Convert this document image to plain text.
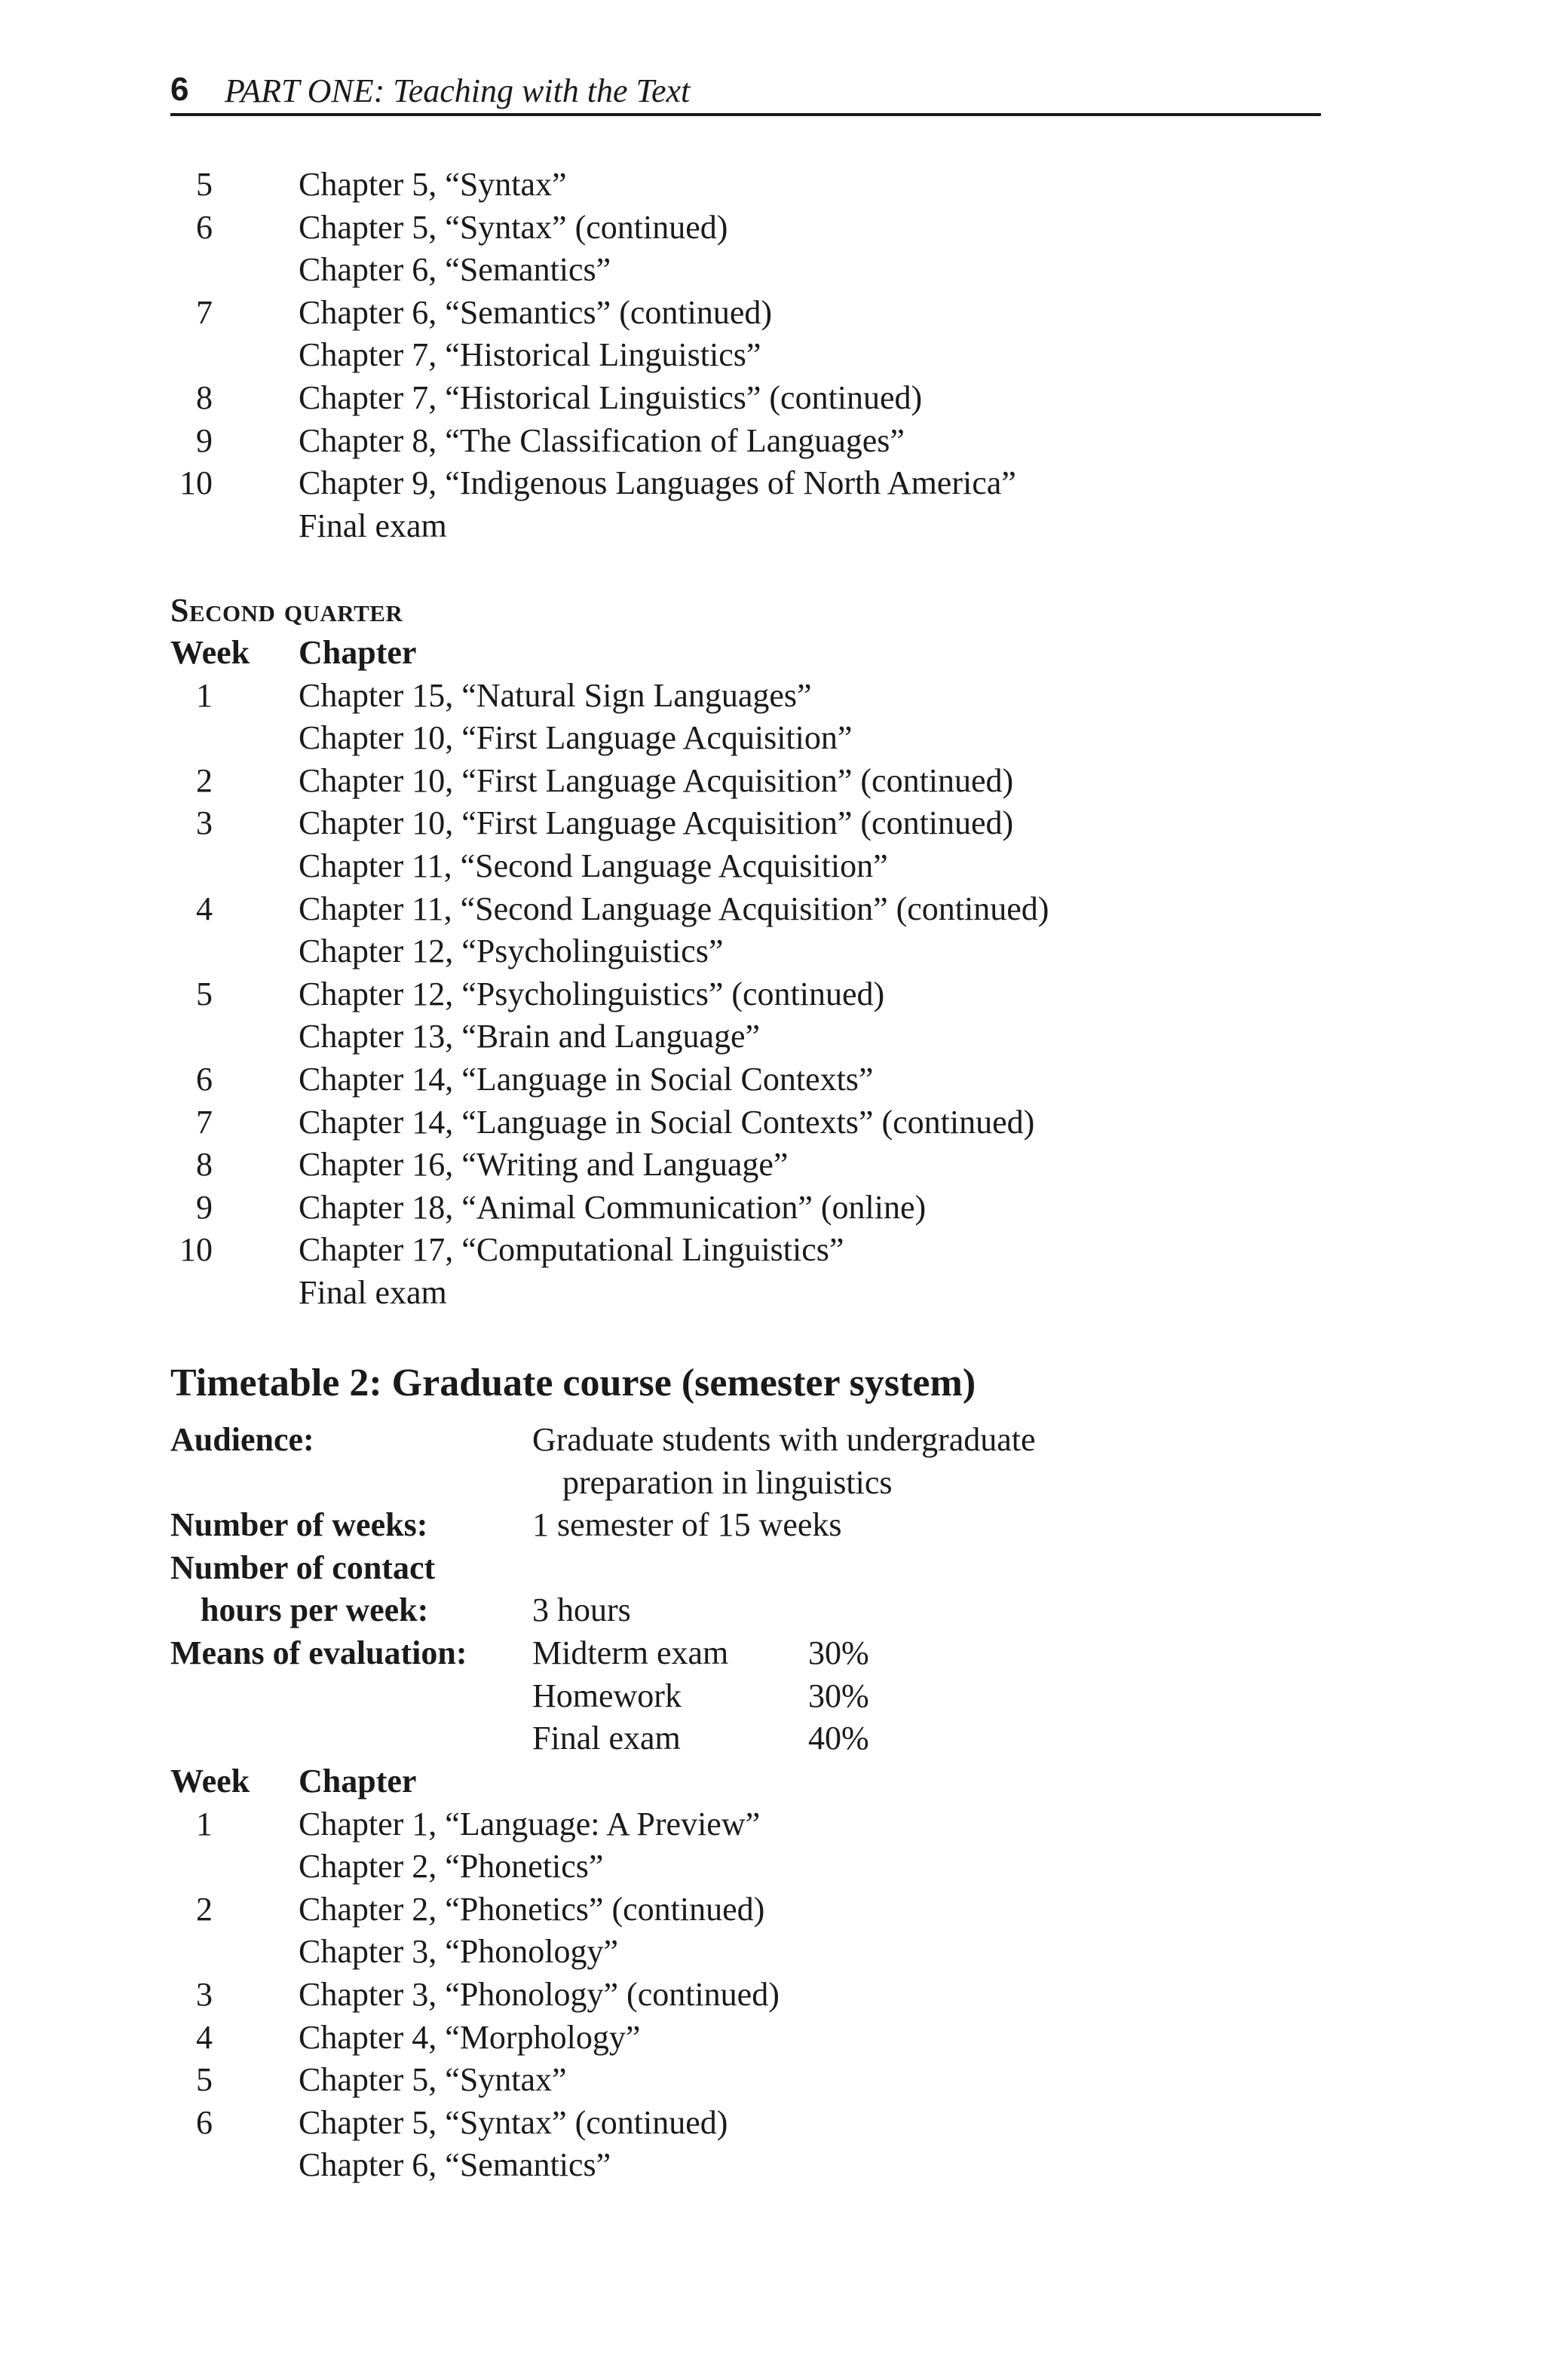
6 PART ONE: Teaching with the Text
5	Chapter 5, “Syntax”
6	Chapter 5, “Syntax” (continued)
Chapter 6, “Semantics”
7	Chapter 6, “Semantics” (continued)
Chapter 7, “Historical Linguistics”
8	Chapter 7, “Historical Linguistics” (continued)
9	Chapter 8, “The Classification of Languages”
10	Chapter 9, “Indigenous Languages of North America”
Final exam
Second quarter
Week Chapter
1	Chapter 15, “Natural Sign Languages”
Chapter 10, “First Language Acquisition”
2	Chapter 10, “First Language Acquisition” (continued)
3	Chapter 10, “First Language Acquisition” (continued)
Chapter 11, “Second Language Acquisition”
4	Chapter 11, “Second Language Acquisition” (continued)
Chapter 12, “Psycholinguistics”
5	Chapter 12, “Psycholinguistics” (continued)
Chapter 13, “Brain and Language”
6	Chapter 14, “Language in Social Contexts”
7	Chapter 14, “Language in Social Contexts” (continued)
8	Chapter 16, “Writing and Language”
9	Chapter 18, “Animal Communication” (online)
10	Chapter 17, “Computational Linguistics”
Final exam
Timetable 2: Graduate course (semester system)
Audience:	Graduate students with undergraduate
preparation in linguistics
Number of weeks:	1 semester of 15 weeks
Number of contact
hours per week:	3 hours
Means of evaluation: Midterm exam 30%
Homework	30%
Final exam	40%
Week Chapter
1	Chapter 1, “Language: A Preview”
Chapter 2, “Phonetics”
2	Chapter 2, “Phonetics” (continued)
Chapter 3, “Phonology”
3	Chapter 3, “Phonology” (continued)
4	Chapter 4, “Morphology”
5	Chapter 5, “Syntax”
6	Chapter 5, “Syntax” (continued)
Chapter 6, “Semantics”
